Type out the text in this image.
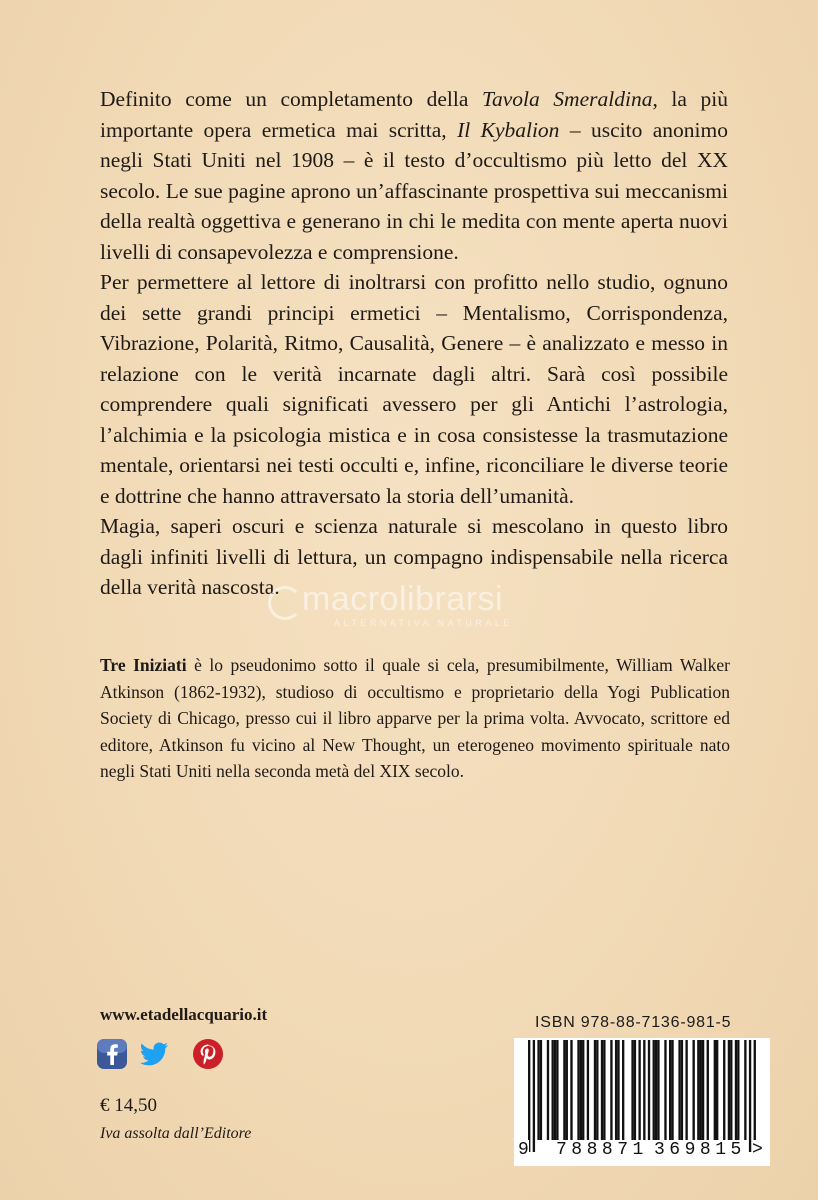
Definito come un completamento della Tavola Smeraldina, la più importante opera ermetica mai scritta, Il Kybalion – uscito anonimo negli Stati Uniti nel 1908 – è il testo d’occultismo più letto del XX secolo. Le sue pagine aprono un’affascinante prospettiva sui meccanismi della realtà oggettiva e generano in chi le medita con mente aperta nuovi livelli di consapevolezza e comprensione.

Per permettere al lettore di inoltrarsi con profitto nello studio, ognuno dei sette grandi principi ermetici – Mentalismo, Corrispondenza, Vibrazione, Polarità, Ritmo, Causalità, Genere – è analizzato e messo in relazione con le verità incarnate dagli altri. Sarà così possibile comprendere quali significati avessero per gli Antichi l’astrologia, l’alchimia e la psicologia mistica e in cosa consistesse la trasmutazione mentale, orientarsi nei testi occulti e, infine, riconciliare le diverse teorie e dottrine che hanno attraversato la storia dell’umanità.

Magia, saperi oscuri e scienza naturale si mescolano in questo libro dagli infiniti livelli di lettura, un compagno indispensabile nella ricerca della verità nascosta. macrolibrarsi
ALTERNATIVA NATURALE

Tre Iniziati è lo pseudonimo sotto il quale si cela, presumibilmente, William Walker Atkinson (1862-1932), studioso di occultismo e proprietario della Yogi Publication Society di Chicago, presso cui il libro apparve per la prima volta. Avvocato, scrittore ed editore, Atkinson fu vicino al New Thought, un eterogeneo movimento spirituale nato negli Stati Uniti nella seconda metà del XIX secolo.

www.etadellacquario.it
€ 14,50
Iva assolta dall’Editore
ISBN 978-88-7136-981-5
9 788871 369815 >
